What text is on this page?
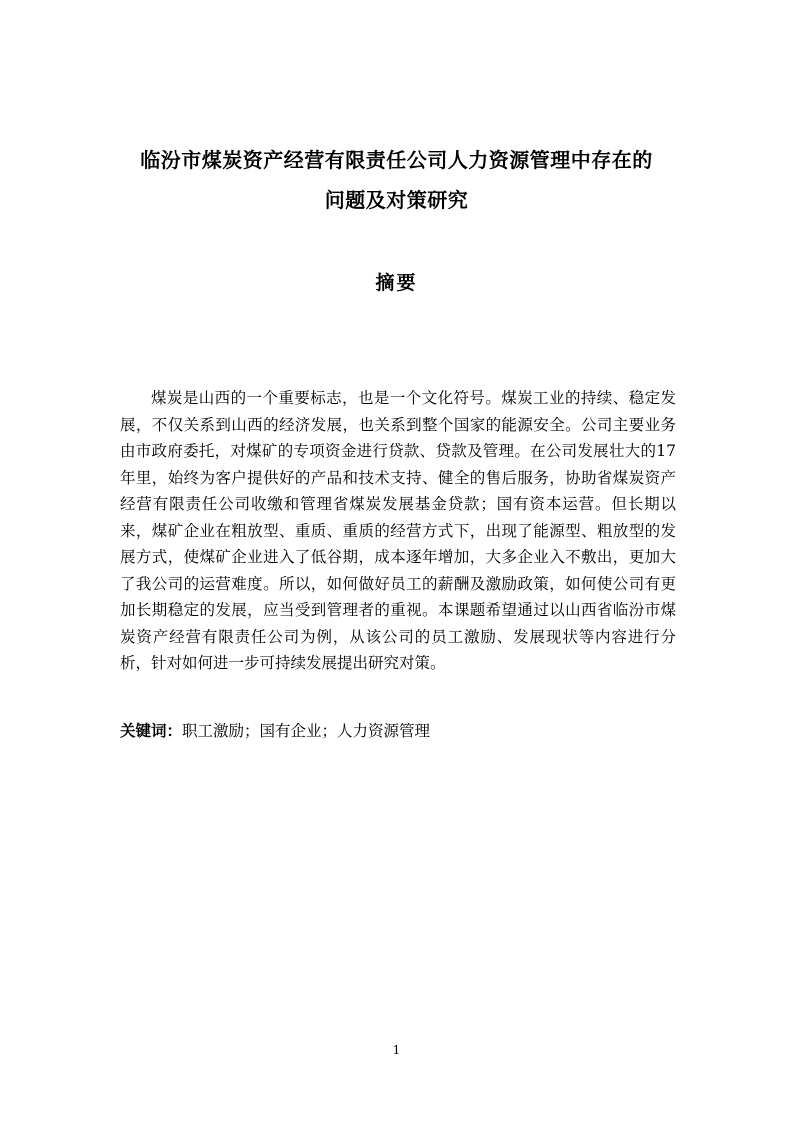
临汾市煤炭资产经营有限责任公司人力资源管理中存在的
问题及对策研究
摘要

煤炭是山西的一个重要标志，也是一个文化符号。煤炭工业的持续、稳定发展，不仅关系到山西的经济发展，也关系到整个国家的能源安全。公司主要业务由市政府委托，对煤矿的专项资金进行贷款、贷款及管理。在公司发展壮大的17年里，始终为客户提供好的产品和技术支持、健全的售后服务，协助省煤炭资产经营有限责任公司收缴和管理省煤炭发展基金贷款；国有资本运营。但长期以来，煤矿企业在粗放型、重质、重质的经营方式下，出现了能源型、粗放型的发展方式，使煤矿企业进入了低谷期，成本逐年增加，大多企业入不敷出，更加大了我公司的运营难度。所以，如何做好员工的薪酬及激励政策，如何使公司有更加长期稳定的发展，应当受到管理者的重视。本课题希望通过以山西省临汾市煤炭资产经营有限责任公司为例，从该公司的员工激励、发展现状等内容进行分析，针对如何进一步可持续发展提出研究对策。

关键词：职工激励；国有企业；人力资源管理

1
